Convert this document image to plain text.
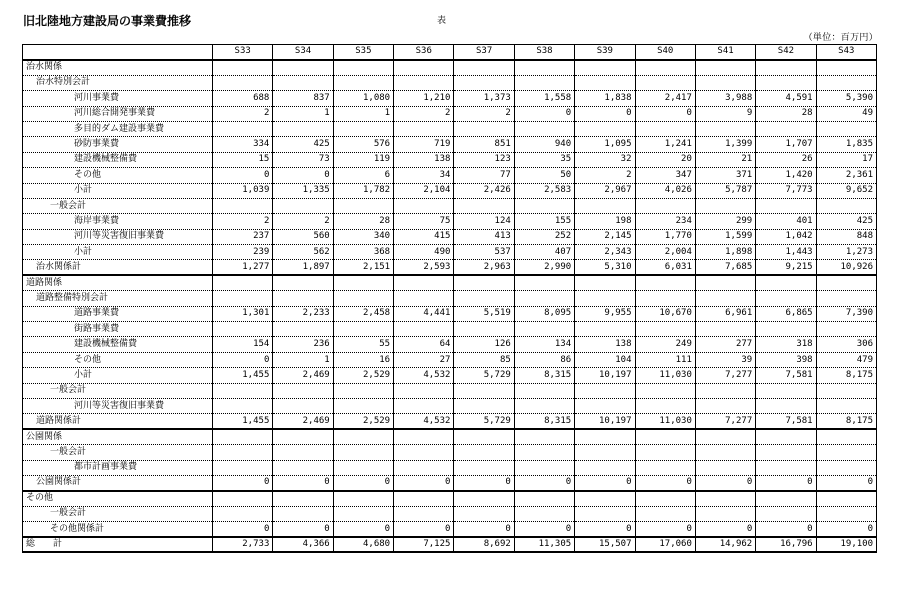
旧北陸地方建設局の事業費推移	表
（単位：百万円）
	S33	S34	S35	S36	S37	S38	S39	S40	S41	S42	S43
治水関係											
治水特別会計											
河川事業費	688	837	1,080	1,210	1,373	1,558	1,838	2,417	3,988	4,591	5,390
河川総合開発事業費	2	1	1	2	2	0	0	0	9	28	49
多目的ダム建設事業費											
砂防事業費	334	425	576	719	851	940	1,095	1,241	1,399	1,707	1,835
建設機械整備費	15	73	119	138	123	35	32	20	21	26	17
その他	0	0	6	34	77	50	2	347	371	1,420	2,361
小計	1,039	1,335	1,782	2,104	2,426	2,583	2,967	4,026	5,787	7,773	9,652
一般会計											
海岸事業費	2	2	28	75	124	155	198	234	299	401	425
河川等災害復旧事業費	237	560	340	415	413	252	2,145	1,770	1,599	1,042	848
小計	239	562	368	490	537	407	2,343	2,004	1,898	1,443	1,273
治水関係計	1,277	1,897	2,151	2,593	2,963	2,990	5,310	6,031	7,685	9,215	10,926
道路関係											
道路整備特別会計											
道路事業費	1,301	2,233	2,458	4,441	5,519	8,095	9,955	10,670	6,961	6,865	7,390
街路事業費											
建設機械整備費	154	236	55	64	126	134	138	249	277	318	306
その他	0	1	16	27	85	86	104	111	39	398	479
小計	1,455	2,469	2,529	4,532	5,729	8,315	10,197	11,030	7,277	7,581	8,175
一般会計											
河川等災害復旧事業費											
道路関係計	1,455	2,469	2,529	4,532	5,729	8,315	10,197	11,030	7,277	7,581	8,175
公園関係											
一般会計											
都市計画事業費											
公園関係計	0	0	0	0	0	0	0	0	0	0	0
その他											
一般会計											
その他関係計	0	0	0	0	0	0	0	0	0	0	0
総　　計	2,733	4,366	4,680	7,125	8,692	11,305	15,507	17,060	14,962	16,796	19,100
